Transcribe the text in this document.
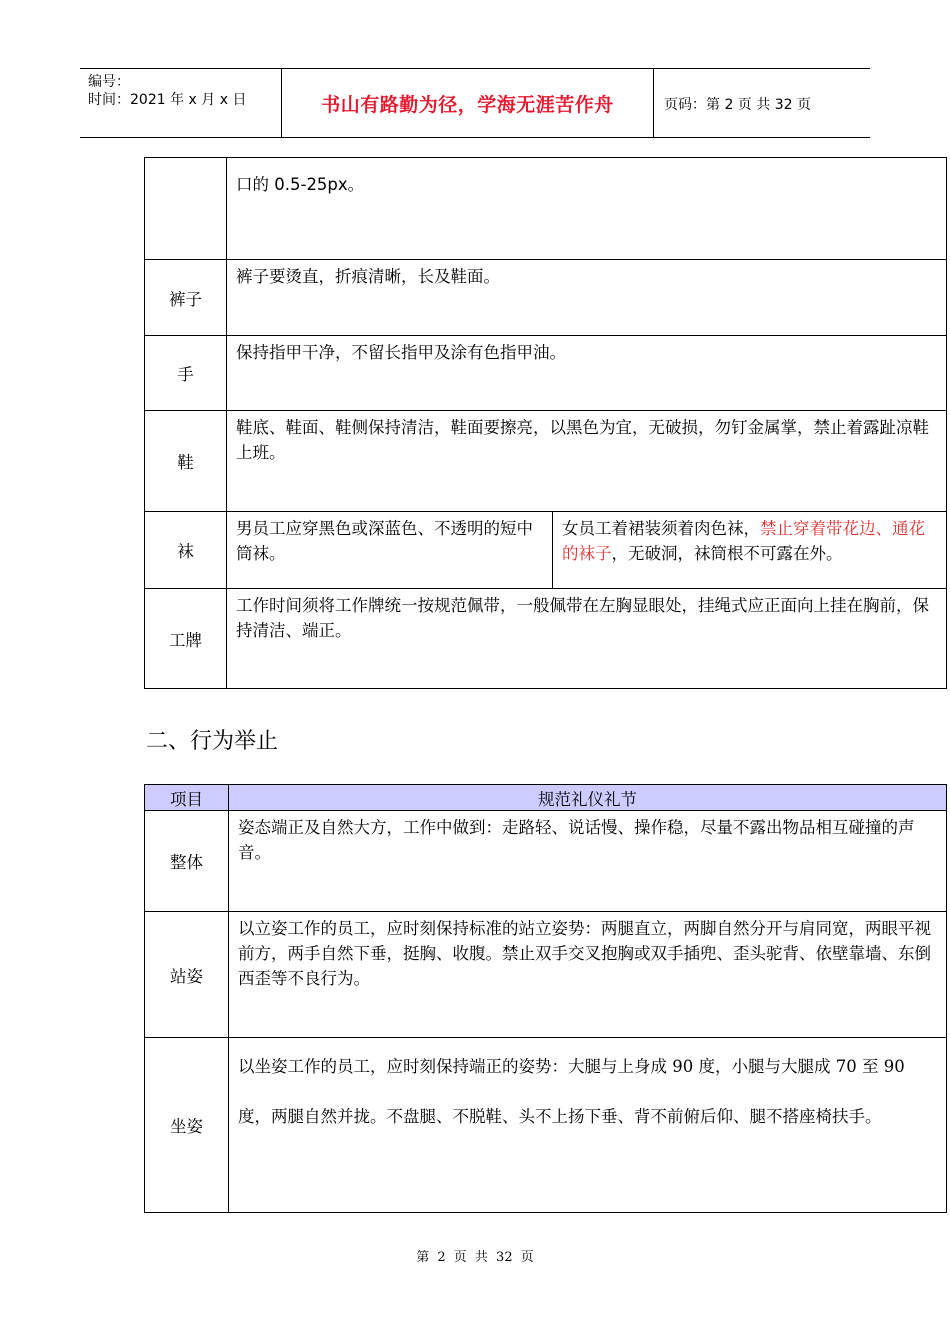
编号：
时间：2021 年 x 月 x 日	书山有路勤为径，学海无涯苦作舟	页码：第 2 页 共 32 页
	口的 0.5-25px。	
裤子	裤子要烫直，折痕清晰，长及鞋面。	
手	保持指甲干净，不留长指甲及涂有色指甲油。	
鞋	鞋底、鞋面、鞋侧保持清洁，鞋面要擦亮，以黑色为宜，无破损，勿钉金属掌，禁止着露趾凉鞋上班。	
袜	男员工应穿黑色或深蓝色、不透明的短中筒袜。	女员工着裙装须着肉色袜，禁止穿着带花边、通花的袜子，无破洞，袜筒根不可露在外。
工牌	工作时间须将工作牌统一按规范佩带，一般佩带在左胸显眼处，挂绳式应正面向上挂在胸前，保持清洁、端正。	
二、行为举止
项目	规范礼仪礼节
整体	姿态端正及自然大方，工作中做到：走路轻、说话慢、操作稳，尽量不露出物品相互碰撞的声音。
站姿	以立姿工作的员工，应时刻保持标准的站立姿势：两腿直立，两脚自然分开与肩同宽，两眼平视前方，两手自然下垂，挺胸、收腹。禁止双手交叉抱胸或双手插兜、歪头驼背、依壁靠墙、东倒西歪等不良行为。
坐姿	以坐姿工作的员工，应时刻保持端正的姿势：大腿与上身成 90 度，小腿与大腿成 70 至 90 度，两腿自然并拢。不盘腿、不脱鞋、头不上扬下垂、背不前俯后仰、腿不搭座椅扶手。
第 2 页 共 32 页
